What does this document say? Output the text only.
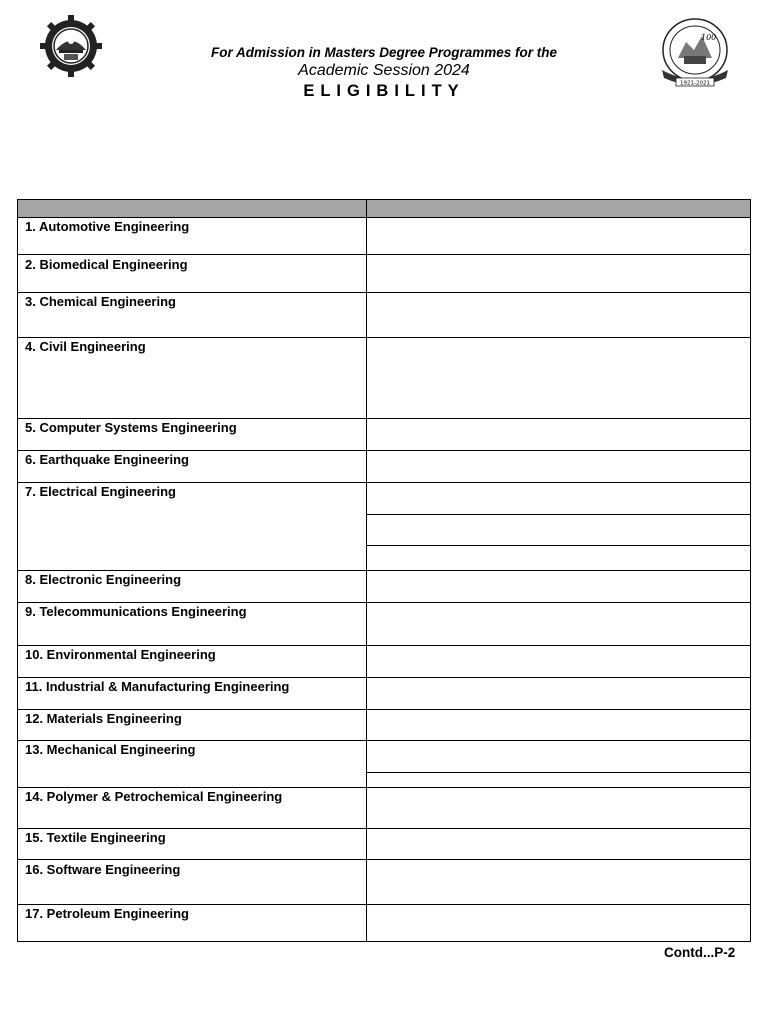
100
1921-2021
For Admission in Masters Degree Programmes for the
Academic Session 2024
ELIGIBILITY
1. Automotive Engineering
2. Biomedical Engineering
3. Chemical Engineering
4. Civil Engineering
5. Computer Systems Engineering
6. Earthquake Engineering
7. Electrical Engineering
8. Electronic Engineering
9. Telecommunications Engineering
10. Environmental Engineering
11. Industrial & Manufacturing Engineering
12. Materials Engineering
13. Mechanical Engineering
14. Polymer & Petrochemical Engineering
15. Textile Engineering
16. Software Engineering
17. Petroleum Engineering
Contd...P-2
